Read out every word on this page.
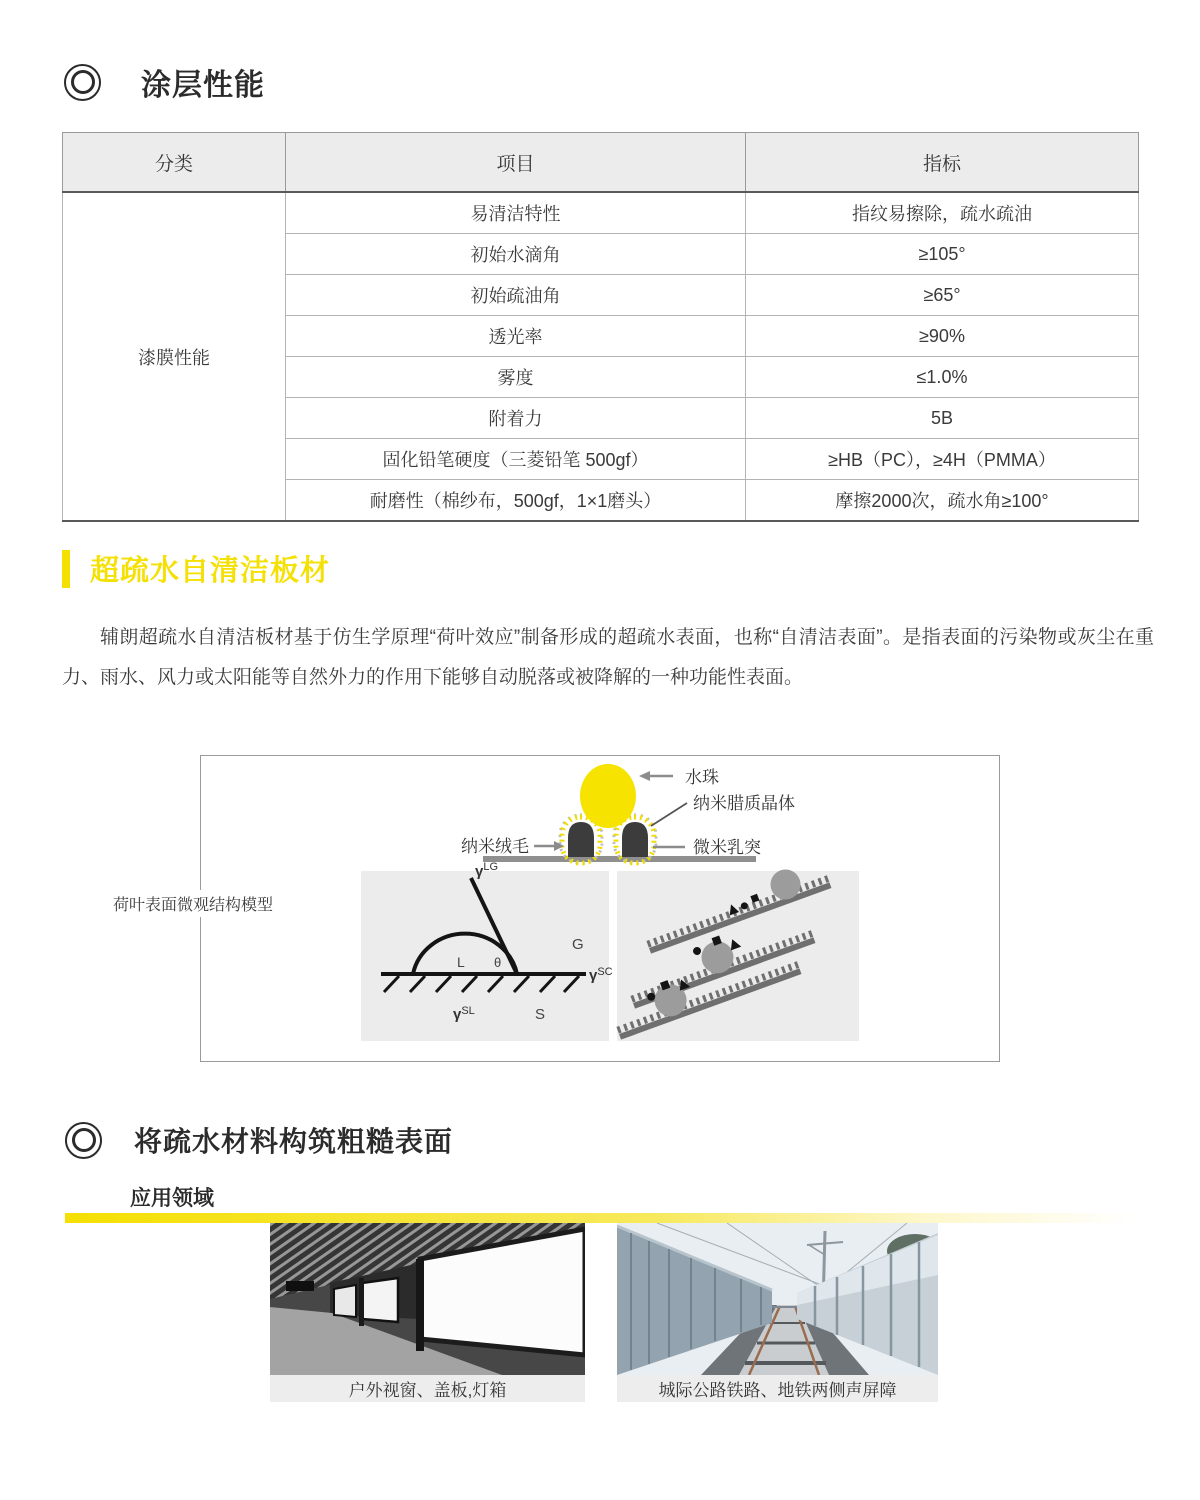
涂层性能
分类	项目	指标
漆膜性能	易清洁特性	指纹易擦除，疏水疏油
	初始水滴角	≥105°
	初始疏油角	≥65°
	透光率	≥90%
	雾度	≤1.0%
	附着力	5B
	固化铅笔硬度（三菱铅笔 500gf）	≥HB（PC），≥4H（PMMA）
	耐磨性（棉纱布，500gf，1×1磨头）	摩擦2000次，疏水角≥100°
超疏水自清洁板材
辅朗超疏水自清洁板材基于仿生学原理“荷叶效应”制备形成的超疏水表面，也称“自清洁表面”。是指表面的污染物或灰尘在重力、雨水、风力或太阳能等自然外力的作用下能够自动脱落或被降解的一种功能性表面。
荷叶表面微观结构模型
水珠
纳米腊质晶体
微米乳突
纳米绒毛
$\gamma^{LG}$
G
L θ
$\gamma^{SC}$
$\gamma^{SL}$	S
将疏水材料构筑粗糙表面
应用领域
户外视窗、盖板,灯箱	城际公路铁路、地铁两侧声屏障
